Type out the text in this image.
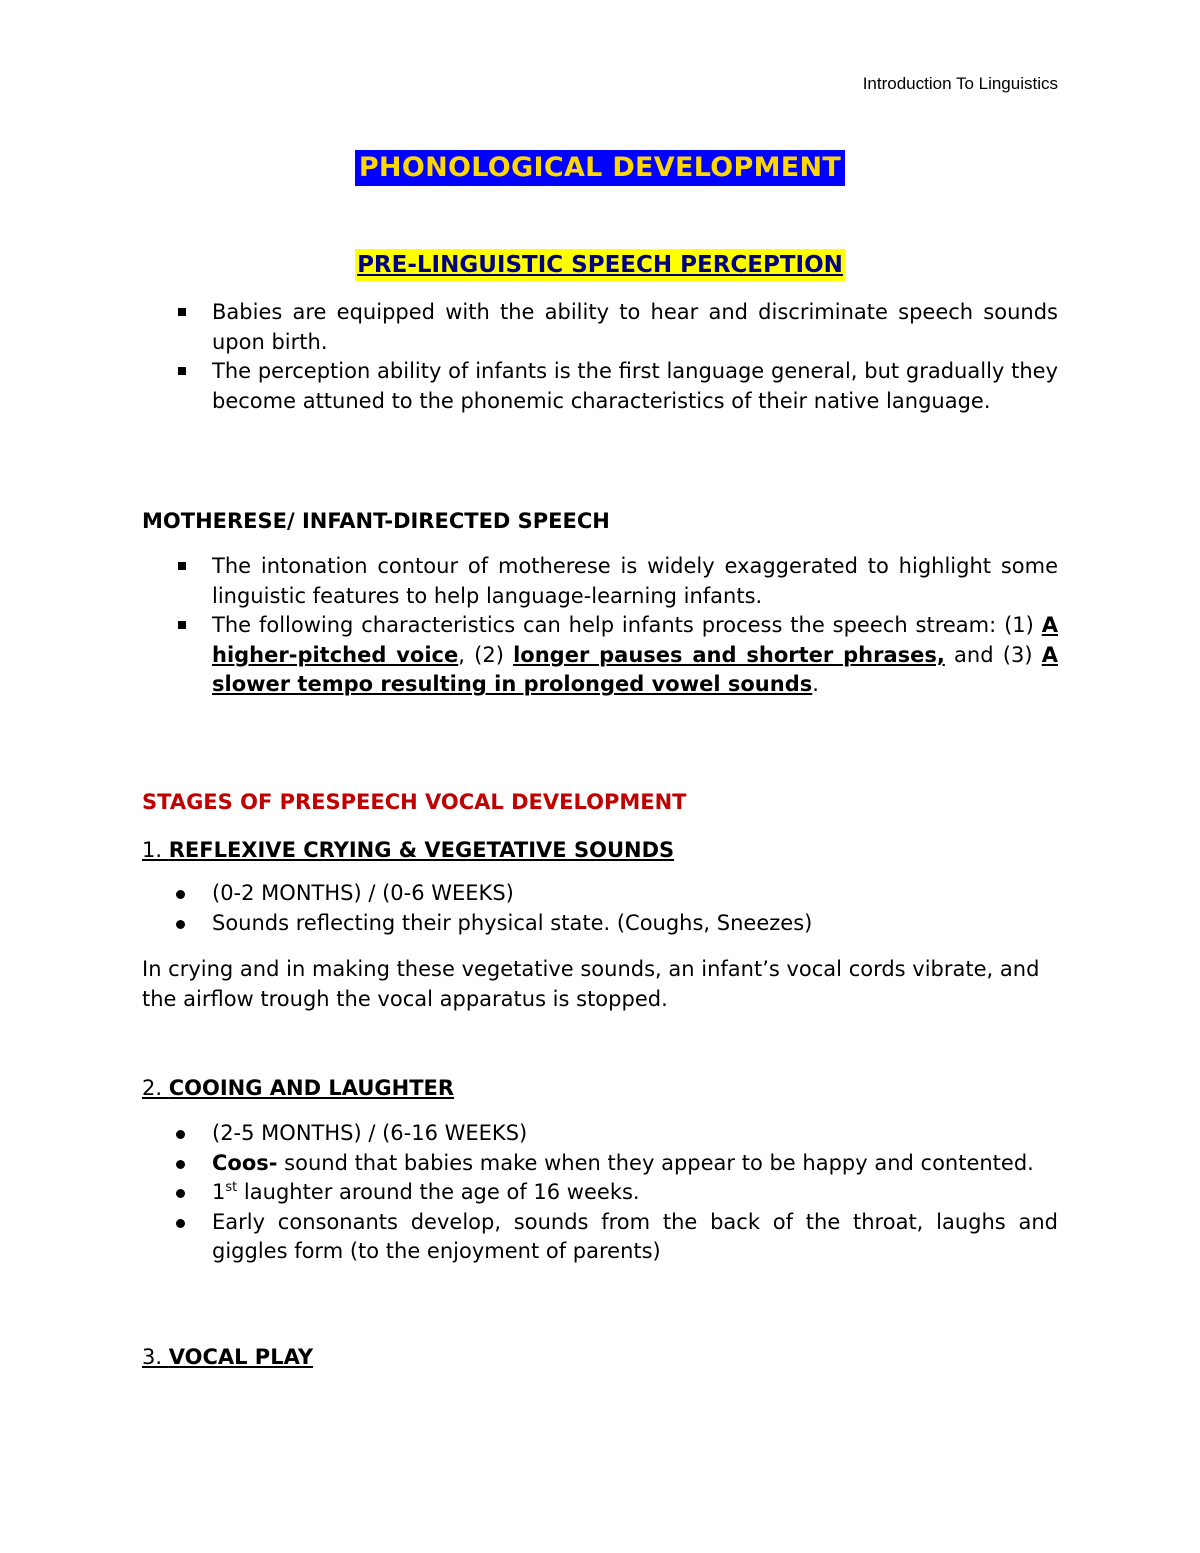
Introduction To Linguistics
PHONOLOGICAL DEVELOPMENT
PRE-LINGUISTIC SPEECH PERCEPTION
Babies are equipped with the ability to hear and discriminate speech sounds upon birth.
The perception ability of infants is the first language general, but gradually they become attuned to the phonemic characteristics of their native language.
MOTHERESE/ INFANT-DIRECTED SPEECH
The intonation contour of motherese is widely exaggerated to highlight some linguistic features to help language-learning infants.
The following characteristics can help infants process the speech stream: (1) A higher-pitched voice, (2) longer pauses and shorter phrases, and (3) A slower tempo resulting in prolonged vowel sounds.
STAGES OF PRESPEECH VOCAL DEVELOPMENT
1. REFLEXIVE CRYING & VEGETATIVE SOUNDS
(0-2 MONTHS) / (0-6 WEEKS)
Sounds reflecting their physical state. (Coughs, Sneezes)
In crying and in making these vegetative sounds, an infant’s vocal cords vibrate, and the airflow trough the vocal apparatus is stopped.
2. COOING AND LAUGHTER
(2-5 MONTHS) / (6-16 WEEKS)
Coos- sound that babies make when they appear to be happy and contented.
1st laughter around the age of 16 weeks.
Early consonants develop, sounds from the back of the throat, laughs and giggles form (to the enjoyment of parents)
3. VOCAL PLAY
